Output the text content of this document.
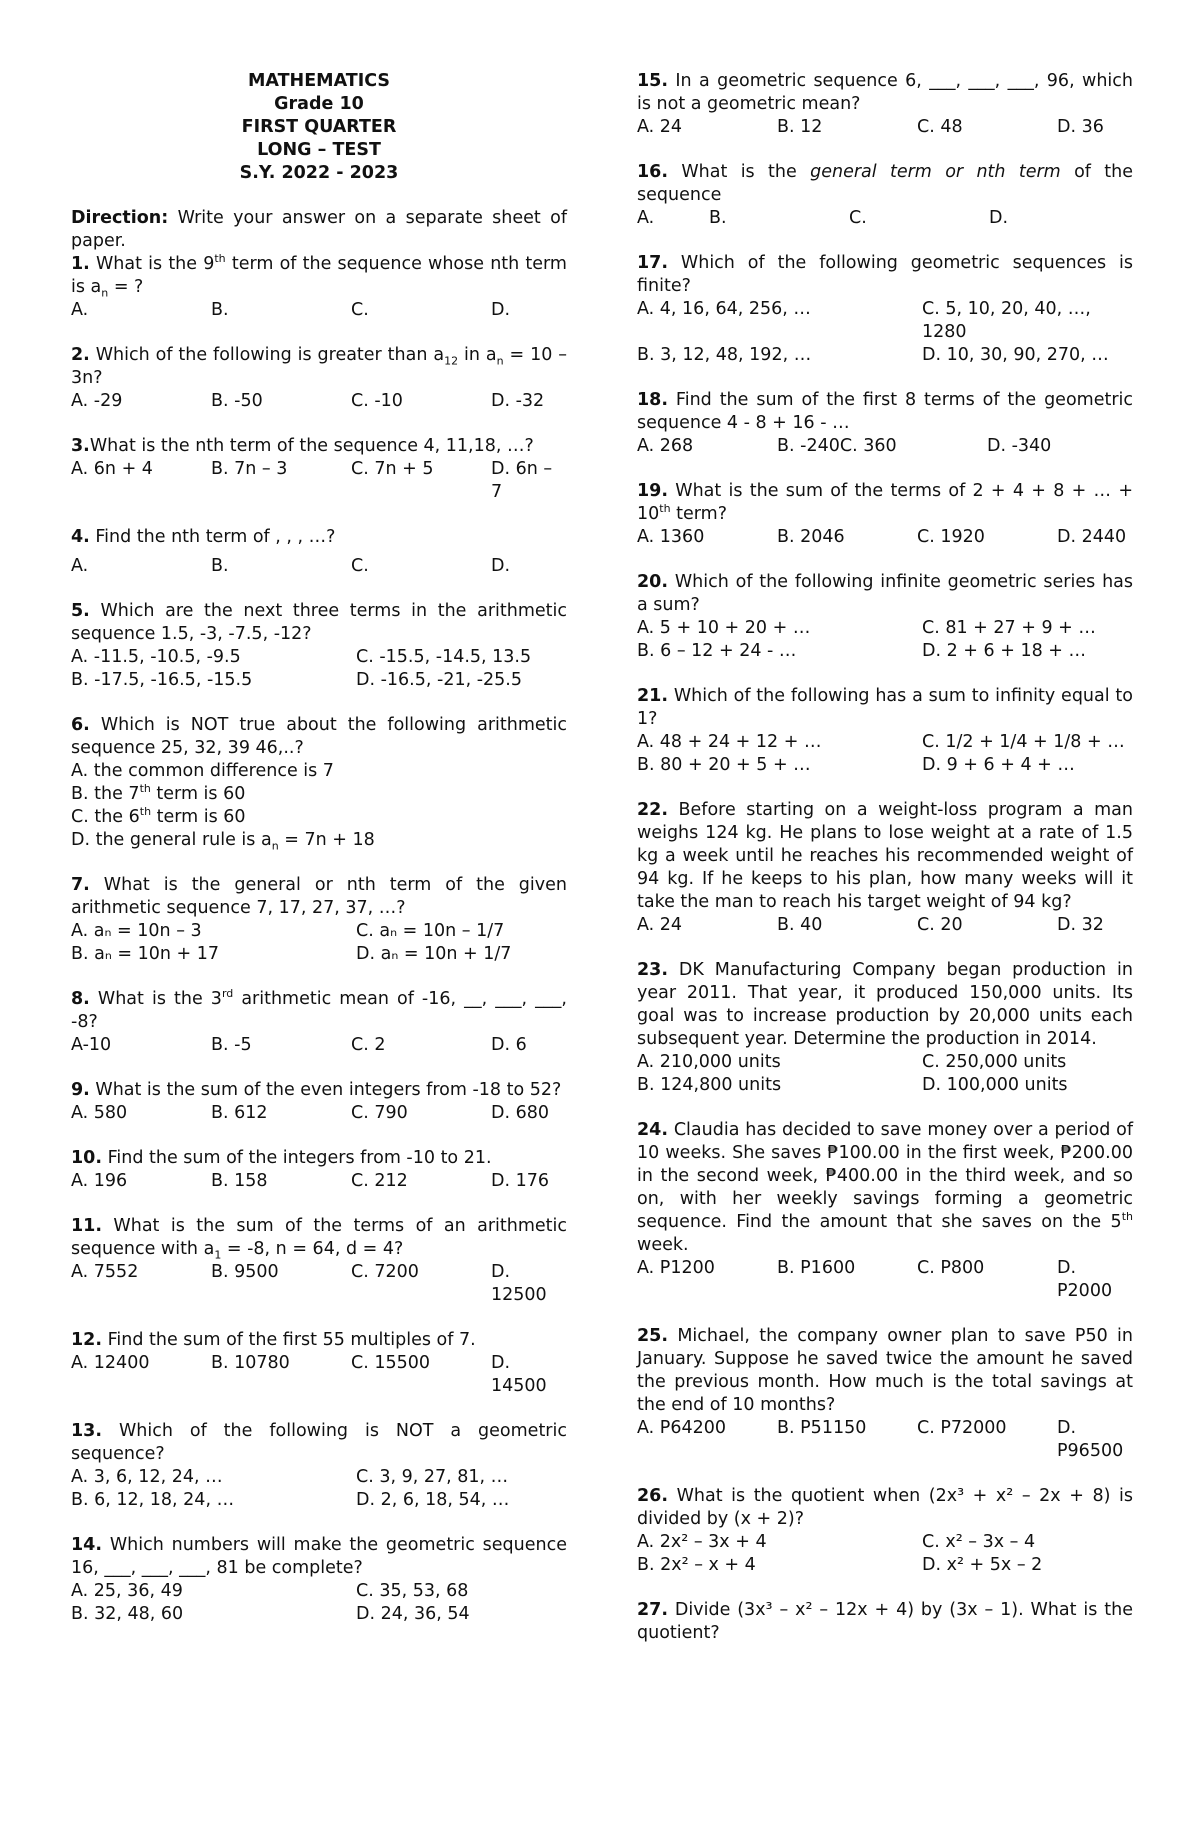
MATHEMATICS
Grade 10
FIRST QUARTER
LONG – TEST
S.Y. 2022 - 2023
Direction: Write your answer on a separate sheet of paper.
1. What is the 9th term of the sequence whose nth term is $a_n$ = ?
A.	B.	C.	D.
2. Which of the following is greater than $a_{12}$ in $a_n = 10 - 3n$?
A. -29	B. -50	C. -10	D. -32
3.What is the nth term of the sequence 4, 11,18, …?
A. 6n + 4	B. 7n – 3	C. 7n + 5	D. 6n – 7
4. Find the nth term of , , , …?
A.	B.	C.	D.
5. Which are the next three terms in the arithmetic sequence 1.5, -3, -7.5, -12?
A. -11.5, -10.5, -9.5	C. -15.5, -14.5, 13.5
B. -17.5, -16.5, -15.5	D. -16.5, -21, -25.5
6. Which is NOT true about the following arithmetic sequence 25, 32, 39 46,..?
A. the common difference is 7
B. the 7th term is 60
C. the 6th term is 60
D. the general rule is $a_n = 7n + 18$
7. What is the general or nth term of the given arithmetic sequence 7, 17, 27, 37, …?
A. aₙ = 10n – 3	C. aₙ = 10n – 1/7
B. aₙ = 10n + 17	D. aₙ = 10n + 1/7
8. What is the 3rd arithmetic mean of -16, __, ___, ___, -8?
A-10	B. -5	C. 2	D. 6
9. What is the sum of the even integers from -18 to 52?
A. 580	B. 612	C. 790	D. 680
10. Find the sum of the integers from -10 to 21.
A. 196	B. 158	C. 212	D. 176
11. What is the sum of the terms of an arithmetic sequence with $a_1 = -8$, n = 64, d = 4?
A. 7552	B. 9500	C. 7200	D. 12500
12. Find the sum of the first 55 multiples of 7.
A. 12400	B. 10780	C. 15500	D. 14500
13. Which of the following is NOT a geometric sequence?
A. 3, 6, 12, 24, …	C. 3, 9, 27, 81, …
B. 6, 12, 18, 24, …	D. 2, 6, 18, 54, …
14. Which numbers will make the geometric sequence 16, ___, ___, ___, 81 be complete?
A. 25, 36, 49	C. 35, 53, 68
B. 32, 48, 60	D. 24, 36, 54
15. In a geometric sequence 6, ___, ___, ___, 96, which is not a geometric mean?
A. 24	B. 12	C. 48	D. 36
16. What is the general term or nth term of the sequence
A.	B.	C.	D.
17. Which of the following geometric sequences is finite?
A. 4, 16, 64, 256, …	C. 5, 10, 20, 40, …, 1280
B. 3, 12, 48, 192, …	D. 10, 30, 90, 270, …
18. Find the sum of the first 8 terms of the geometric sequence 4 - 8 + 16 - …
A. 268	B. -240C. 360	D. -340
19. What is the sum of the terms of 2 + 4 + 8 + … + 10th term?
A. 1360	B. 2046	C. 1920	D. 2440
20. Which of the following infinite geometric series has a sum?
A. 5 + 10 + 20 + …	C. 81 + 27 + 9 + …
B. 6 – 12 + 24 - …	D. 2 + 6 + 18 + …
21. Which of the following has a sum to infinity equal to 1?
A. 48 + 24 + 12 + …	C. 1/2 + 1/4 + 1/8 + …
B. 80 + 20 + 5 + …	D. 9 + 6 + 4 + …
22. Before starting on a weight-loss program a man weighs 124 kg. He plans to lose weight at a rate of 1.5 kg a week until he reaches his recommended weight of 94 kg. If he keeps to his plan, how many weeks will it take the man to reach his target weight of 94 kg?
A. 24	B. 40	C. 20	D. 32
23. DK Manufacturing Company began production in year 2011. That year, it produced 150,000 units. Its goal was to increase production by 20,000 units each subsequent year. Determine the production in 2014.
A. 210,000 units	C. 250,000 units
B. 124,800 units	D. 100,000 units
24. Claudia has decided to save money over a period of 10 weeks. She saves ₱100.00 in the first week, ₱200.00 in the second week, ₱400.00 in the third week, and so on, with her weekly savings forming a geometric sequence. Find the amount that she saves on the 5th week.
A. P1200	B. P1600	C. P800	D. P2000
25. Michael, the company owner plan to save P50 in January. Suppose he saved twice the amount he saved the previous month. How much is the total savings at the end of 10 months?
A. P64200	B. P51150	C. P72000	D. P96500
26. What is the quotient when (2x³ + x² – 2x + 8) is divided by (x + 2)?
A. 2x² – 3x + 4	C. x² – 3x – 4
B. 2x² – x + 4	D. x² + 5x – 2
27. Divide (3x³ – x² – 12x + 4) by (3x – 1). What is the quotient?
